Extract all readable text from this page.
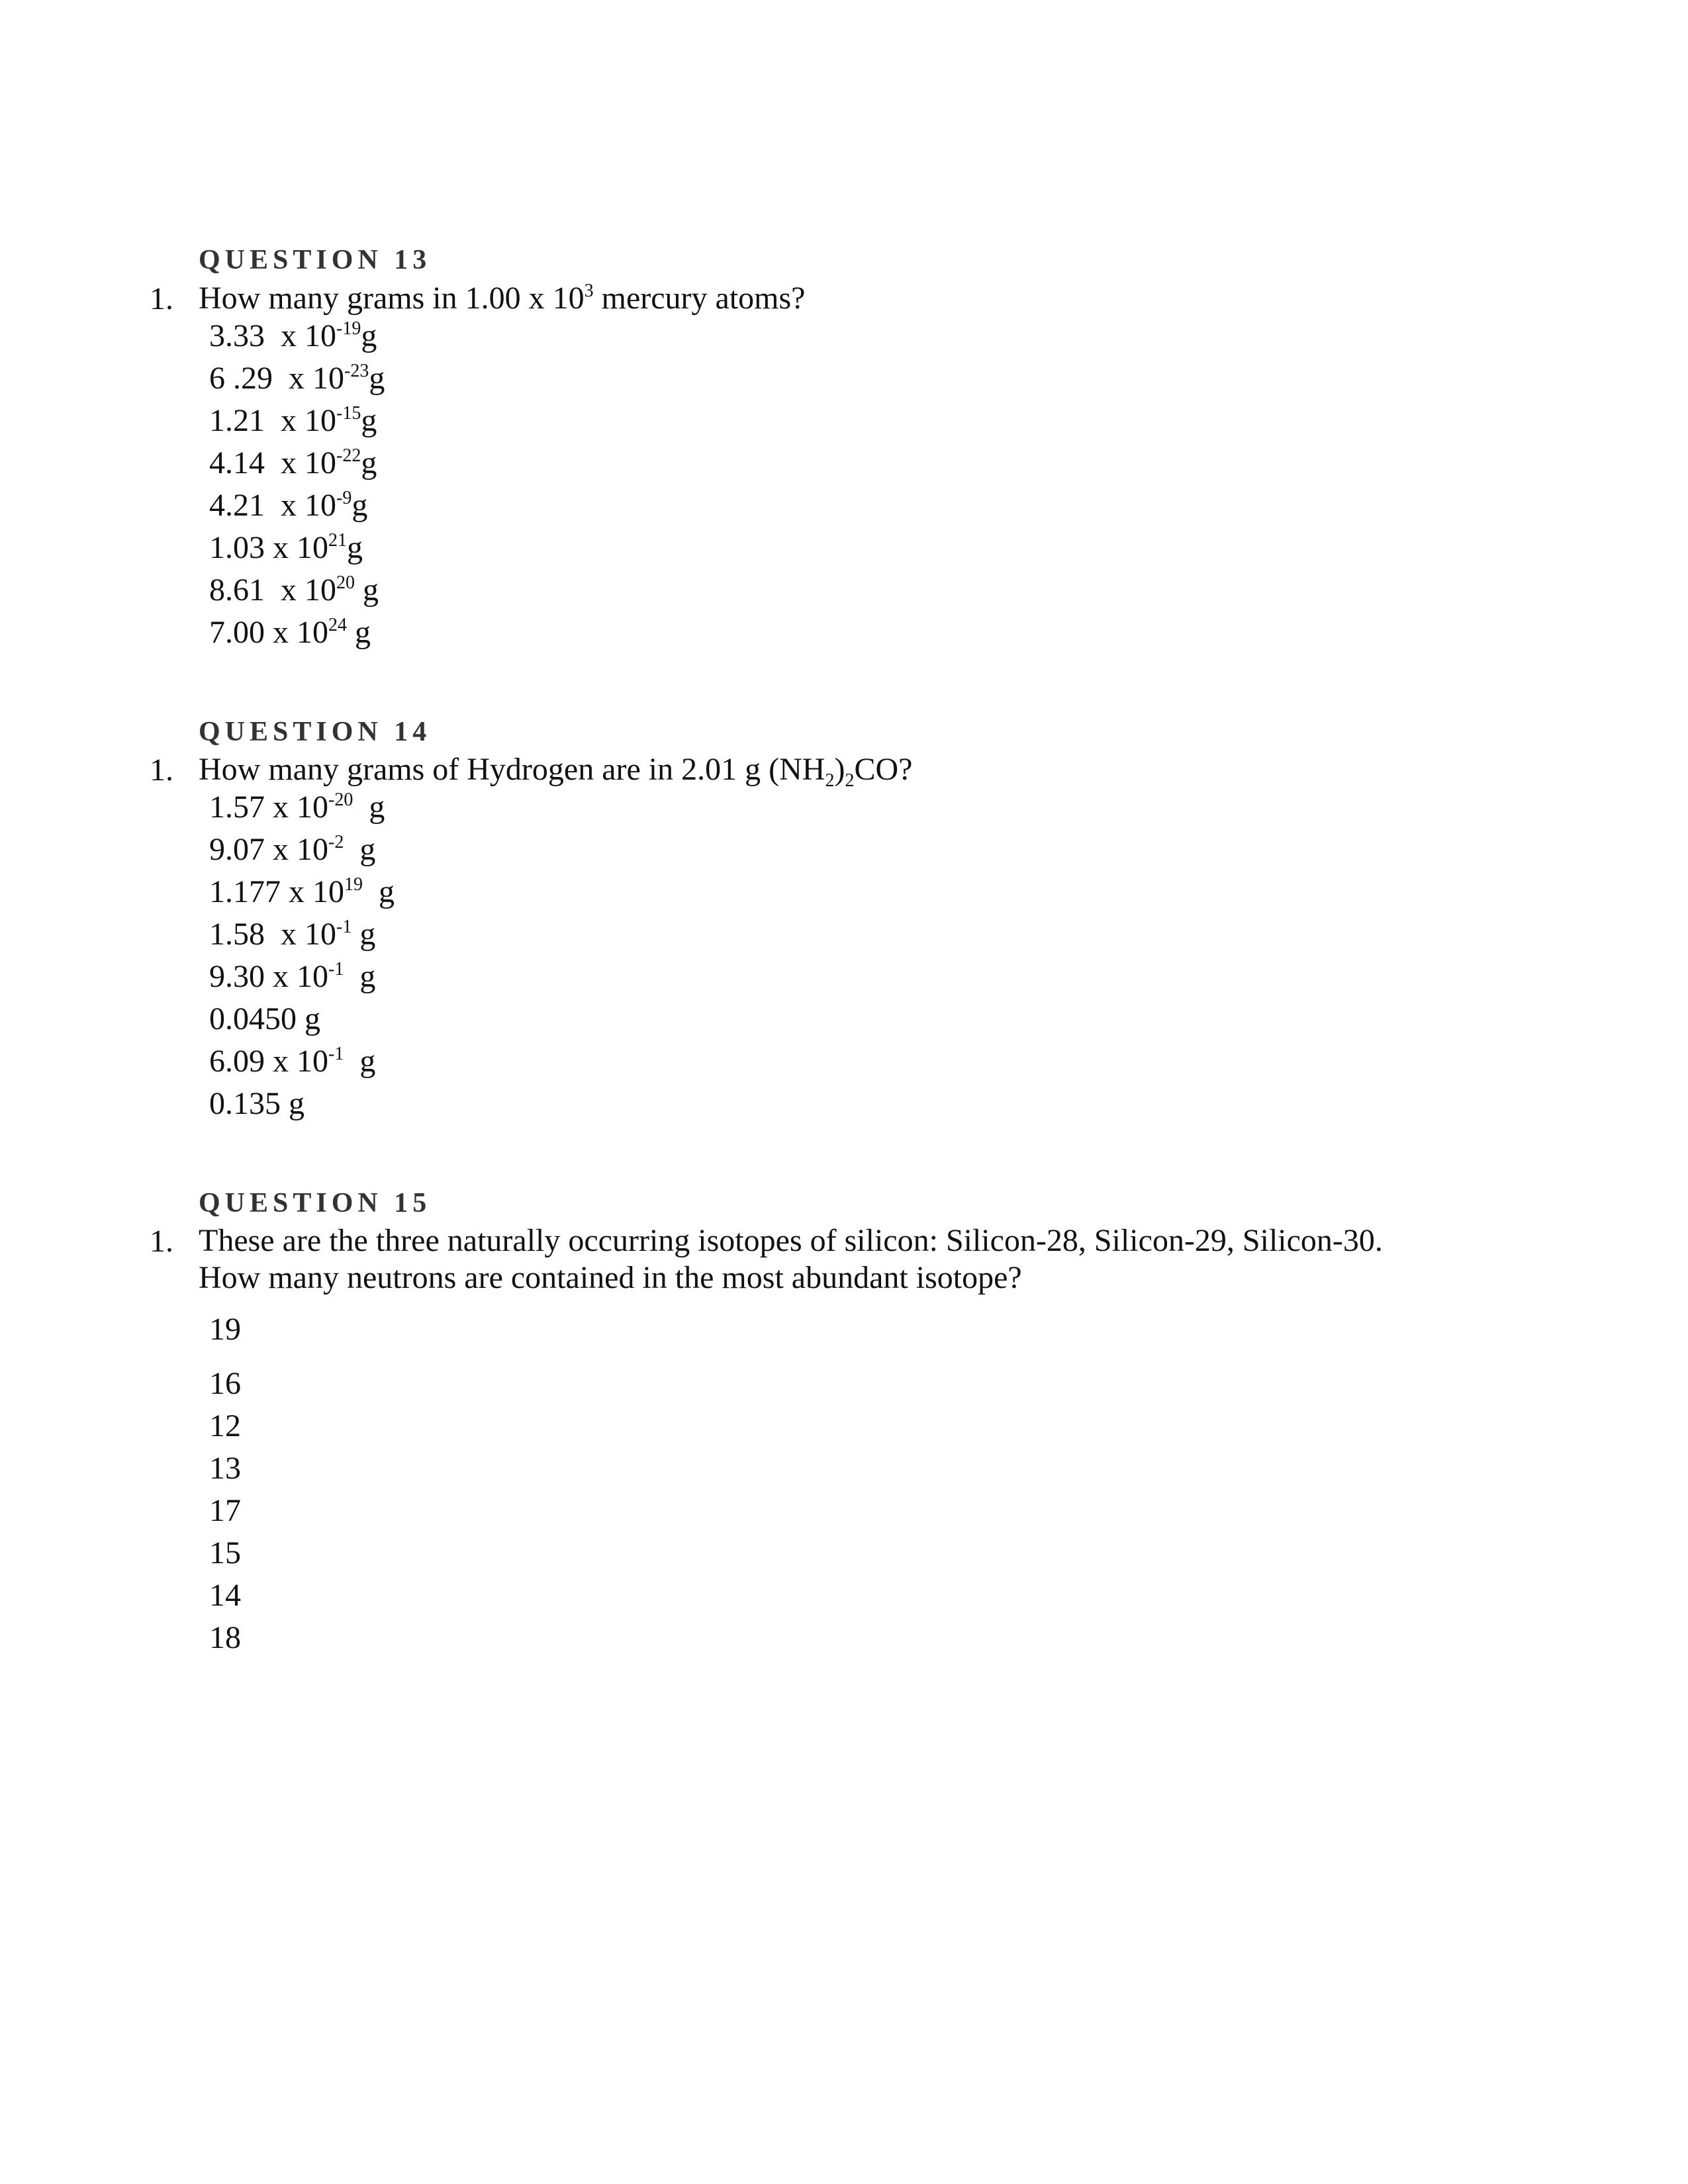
QUESTION 13
1. How many grams in 1.00 x $10^3$ mercury atoms?
3.33  x $10^{-19}g$
6 .29  x $10^{-23}g$
1.21  x $10^{-15}g$
4.14  x $10^{-22}g$
4.21  x $10^{-9}g$
1.03 x $10^{21}g$
8.61  x $10^{20}$ g
7.00 x $10^{24}$ g
QUESTION 14
1. How many grams of Hydrogen are in 2.01 g $(NH_2)_2CO$?
1.57 x $10^{-20}$  g
9.07 x $10^{-2}$  g
1.177 x $10^{19}$  g
1.58  x $10^{-1}$ g
9.30 x $10^{-1}$  g
0.0450 g
6.09 x $10^{-1}$  g
0.135 g
QUESTION 15
1. These are the three naturally occurring isotopes of silicon: Silicon-28, Silicon-29, Silicon-30.
How many neutrons are contained in the most abundant isotope?
19
16
12
13
17
15
14
18
